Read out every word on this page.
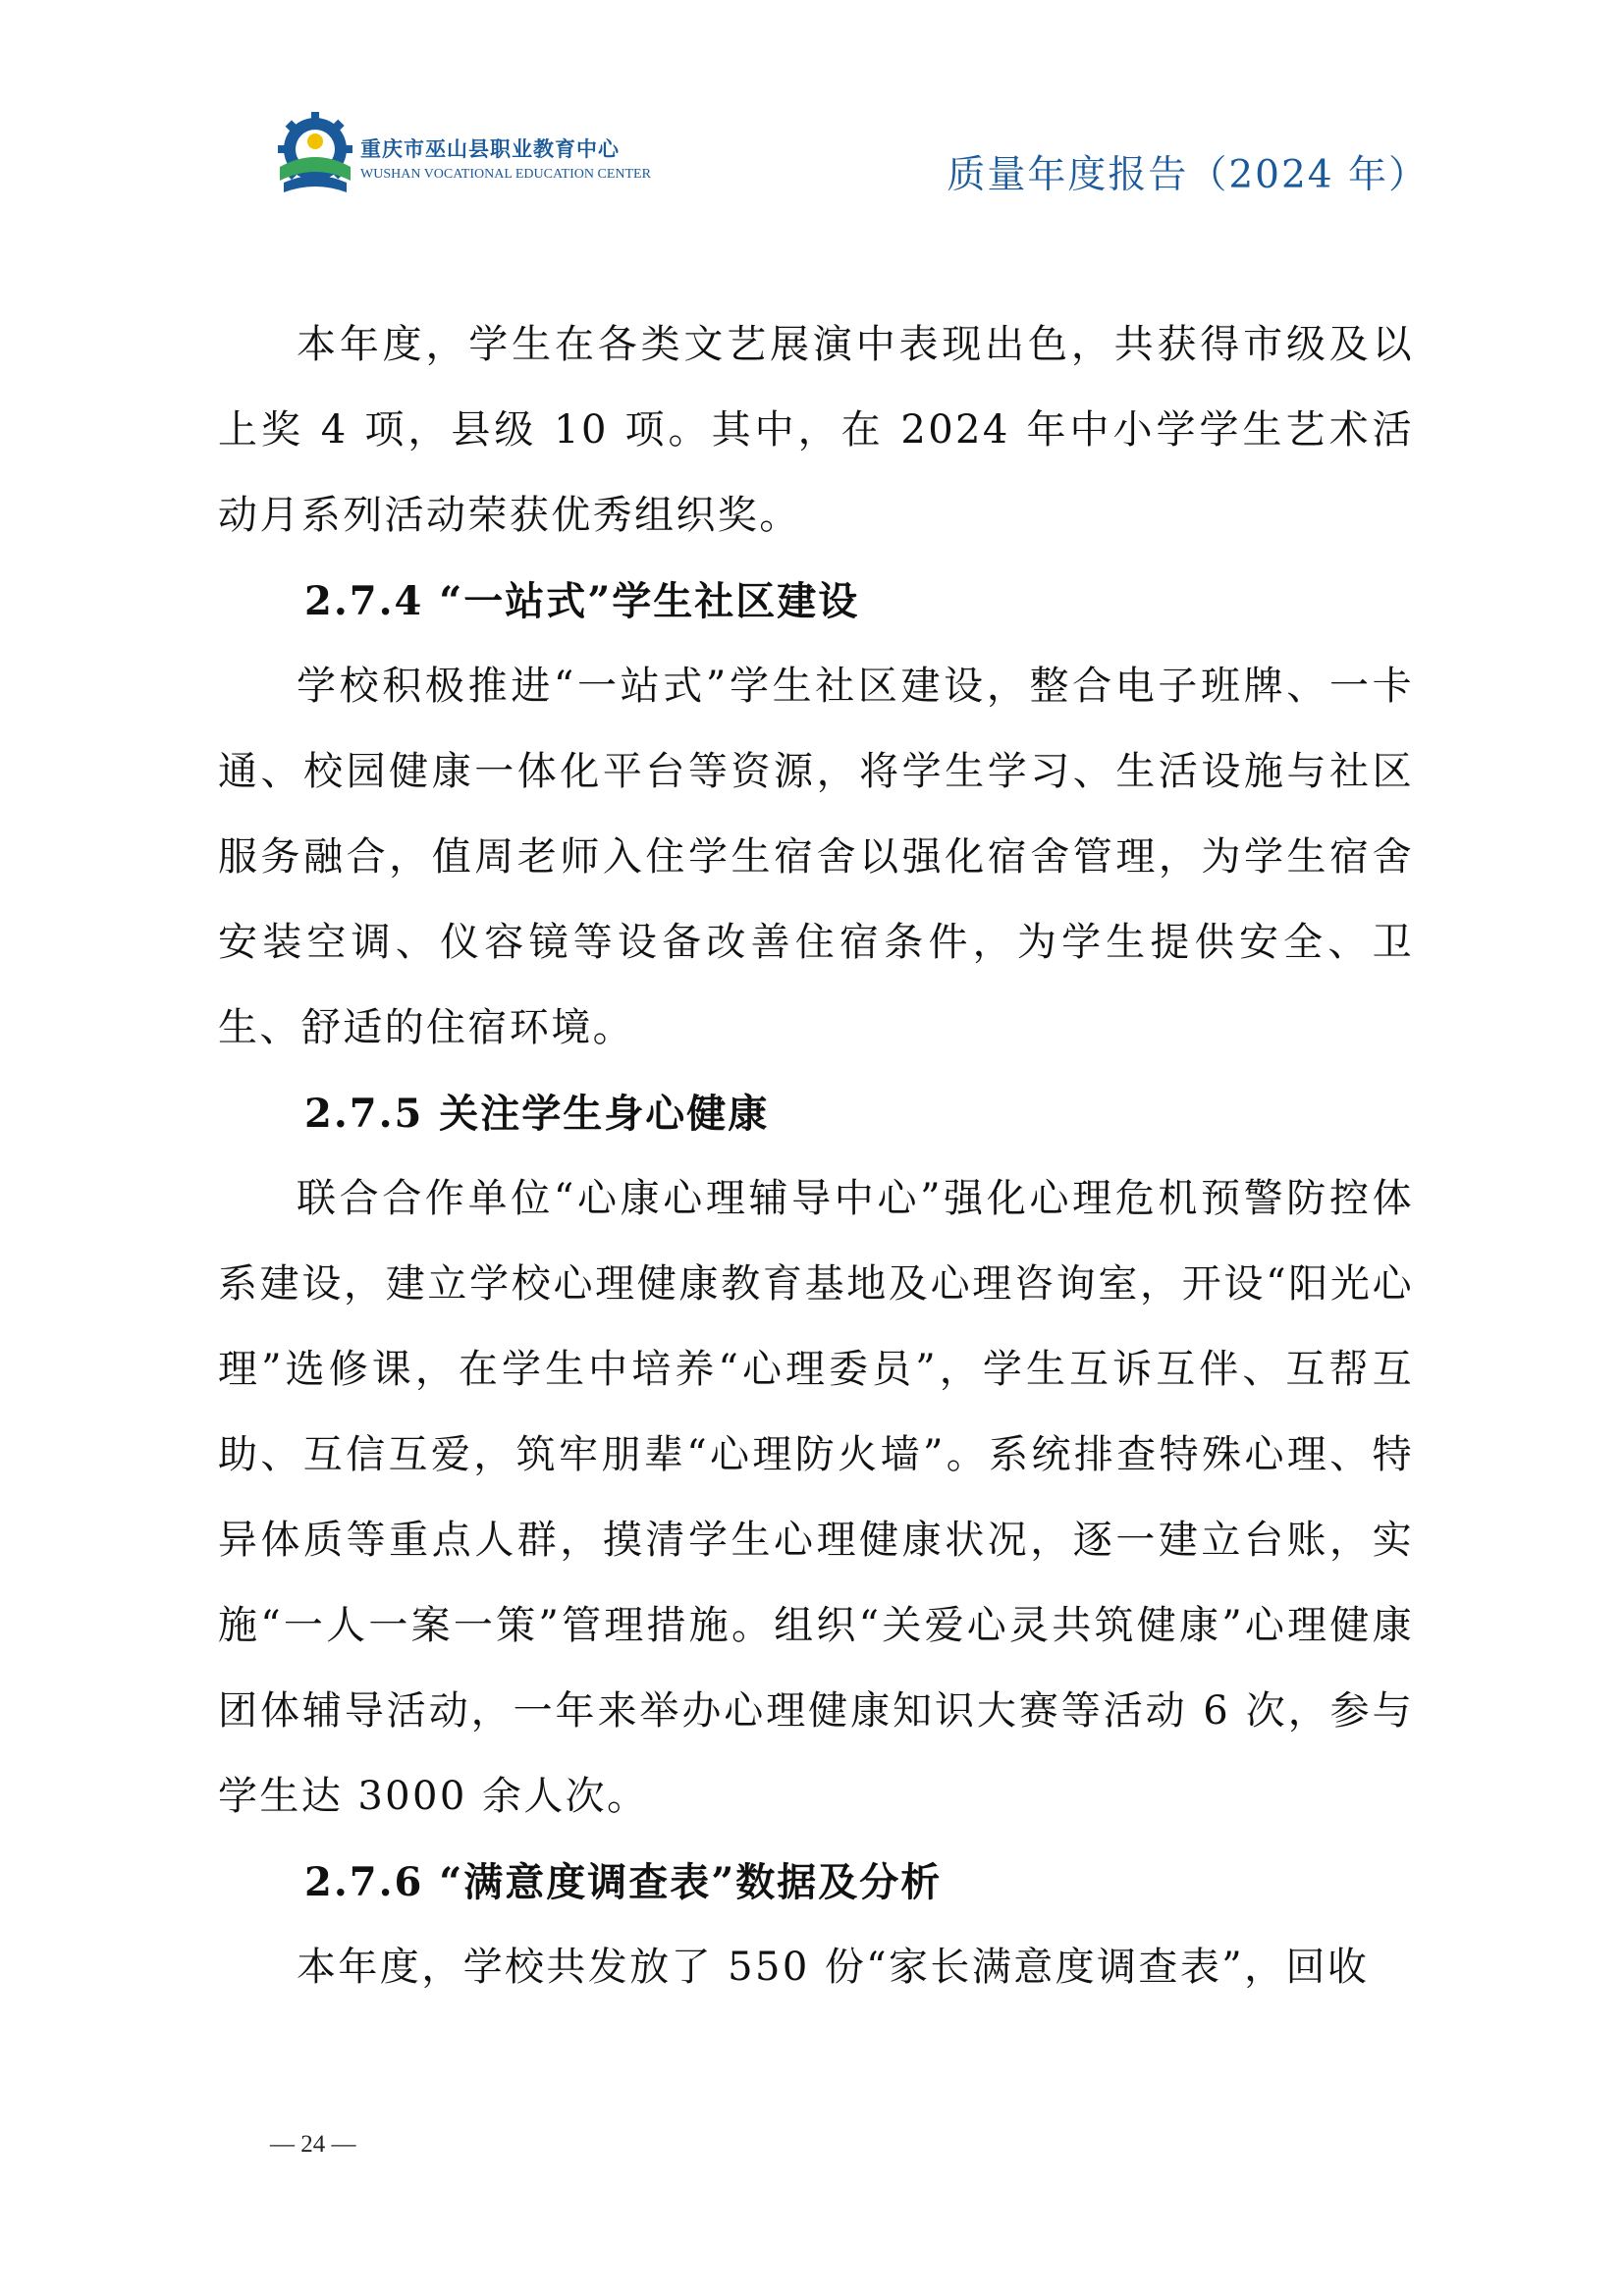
重庆市巫山县职业教育中心
WUSHAN VOCATIONAL EDUCATION CENTER	质量年度报告（2024 年）

本年度，学生在各类文艺展演中表现出色，共获得市级及以上奖 4 项，县级 10 项。其中，在 2024 年中小学学生艺术活动月系列活动荣获优秀组织奖。

2.7.4 “一站式”学生社区建设

学校积极推进“一站式”学生社区建设，整合电子班牌、一卡通、校园健康一体化平台等资源，将学生学习、生活设施与社区服务融合，值周老师入住学生宿舍以强化宿舍管理，为学生宿舍安装空调、仪容镜等设备改善住宿条件，为学生提供安全、卫生、舒适的住宿环境。

2.7.5 关注学生身心健康

联合合作单位“心康心理辅导中心”强化心理危机预警防控体系建设，建立学校心理健康教育基地及心理咨询室，开设“阳光心理”选修课，在学生中培养“心理委员”，学生互诉互伴、互帮互助、互信互爱，筑牢朋辈“心理防火墙”。系统排查特殊心理、特异体质等重点人群，摸清学生心理健康状况，逐一建立台账，实施“一人一案一策”管理措施。组织“关爱心灵共筑健康”心理健康团体辅导活动，一年来举办心理健康知识大赛等活动 6 次，参与学生达 3000 余人次。

2.7.6 “满意度调查表”数据及分析

本年度，学校共发放了 550 份“家长满意度调查表”，回收

— 24 —
